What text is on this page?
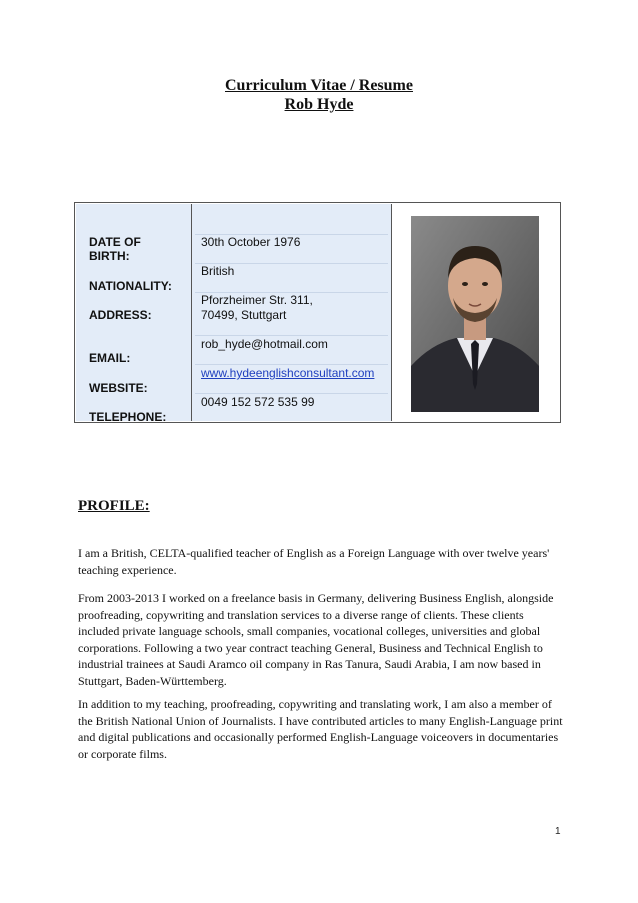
Curriculum Vitae / Resume
Rob Hyde

DATE OF

BIRTH:

NATIONALITY:

ADDRESS:

EMAIL:

WEBSITE:

TELEPHONE:

30th October 1976

British

Pforzheimer Str. 311,

70499, Stuttgart

rob_hyde@hotmail.com

www.hydeenglishconsultant.com

0049 152 572 535 99

PROFILE:

I am a British, CELTA-qualified teacher of English as a Foreign Language with over twelve years' teaching experience.

From 2003-2013 I worked on a freelance basis in Germany, delivering Business English, alongside proofreading, copywriting and translation services to a diverse range of clients. These clients included private language schools, small companies, vocational colleges, universities and global corporations. Following a two year contract teaching General, Business and Technical English to industrial trainees at Saudi Aramco oil company in Ras Tanura, Saudi Arabia, I am now based in Stuttgart, Baden-Württemberg.

In addition to my teaching, proofreading, copywriting and translating work, I am also a member of the British National Union of Journalists. I have contributed articles to many English-Language print and digital publications and occasionally performed English-Language voiceovers in documentaries or corporate films.

1
